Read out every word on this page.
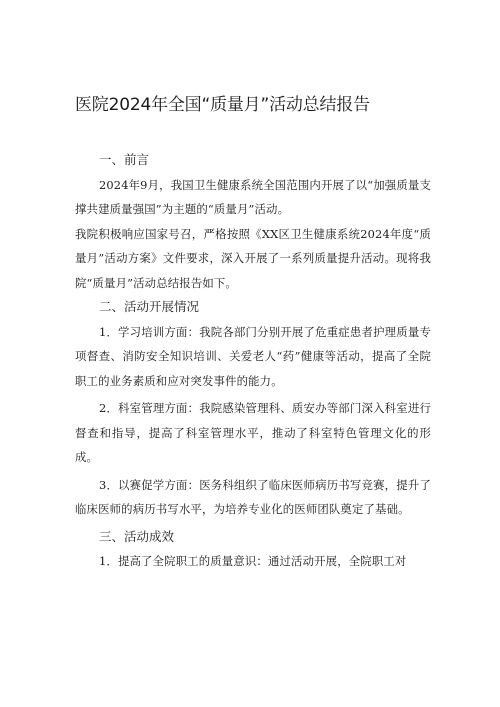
医院2024年全国“质量月”活动总结报告
一、前言

2024年9月，我国卫生健康系统全国范围内开展了以“加强质量支撑共建质量强国”为主题的“质量月”活动。

我院积极响应国家号召，严格按照《XX区卫生健康系统2024年度“质量月”活动方案》文件要求，深入开展了一系列质量提升活动。现将我院“质量月”活动总结报告如下。

二、活动开展情况

1．学习培训方面：我院各部门分别开展了危重症患者护理质量专项督查、消防安全知识培训、关爱老人“药”健康等活动，提高了全院职工的业务素质和应对突发事件的能力。

2．科室管理方面：我院感染管理科、质安办等部门深入科室进行督查和指导，提高了科室管理水平，推动了科室特色管理文化的形成。

3．以赛促学方面：医务科组织了临床医师病历书写竞赛，提升了临床医师的病历书写水平，为培养专业化的医师团队奠定了基础。

三、活动成效

1．提高了全院职工的质量意识：通过活动开展，全院职工对
